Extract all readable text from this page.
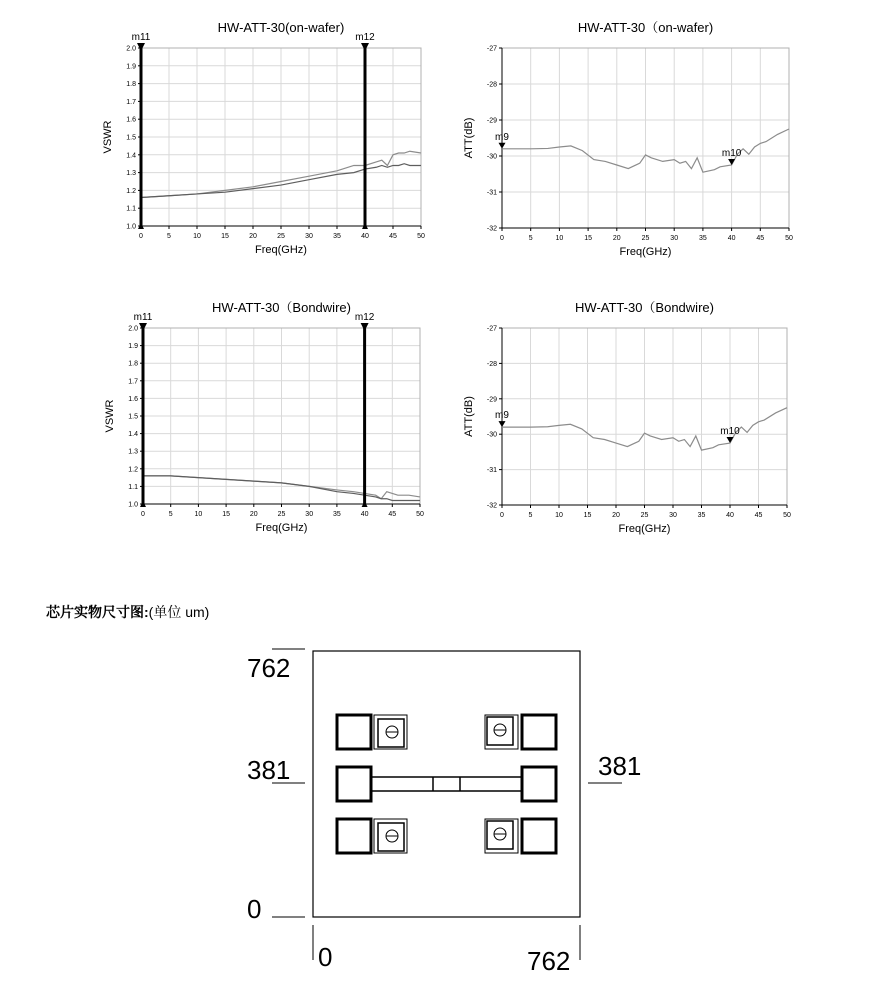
0	5	10	15	20	25	30	35	40	45	50
1.0
1.1
1.2
1.3
1.4
1.5
1.6
1.7
1.8
1.9
2.0
HW-ATT-30(on-wafer)
Freq(GHz)
VSWR
m11	m12
0	5	10	15	20	25	30	35	40	45	50
-32
-31
-30
-29
-28
-27
HW-ATT-30（on-wafer)
Freq(GHz)
ATT(dB) m9
m10
0	5	10	15	20	25	30	35	40	45	50
1.0
1.1
1.2
1.3
1.4
1.5
1.6
1.7
1.8
1.9
2.0
HW-ATT-30（Bondwire)
Freq(GHz)
VSWR
m11	m12
0	5	10	15	20	25	30	35	40	45	50
-32
-31
-30
-29
-28
-27
HW-ATT-30（Bondwire)
Freq(GHz)
ATT(dB) m9
m10
芯片实物尺寸图:(单位 um)
762
381	381
0
0	762
